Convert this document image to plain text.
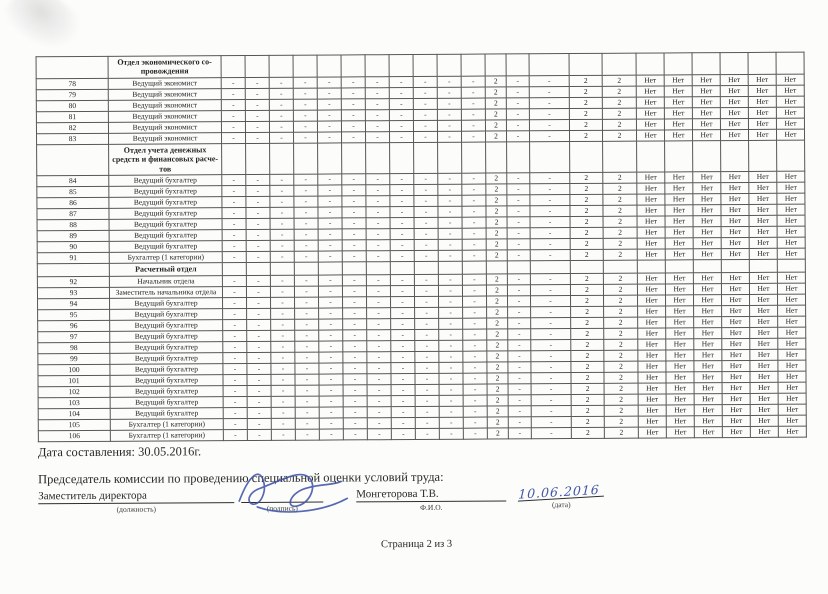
	Отдел экономического со-
провождения																						
78	Ведущий экономист	-	-	-	-	-	-	-	-	-	-	-	2	-	-	2	2	Нет	Нет	Нет	Нет	Нет	Нет
79	Ведущий экономист	-	-	-	-	-	-	-	-	-	-	-	2	-	-	2	2	Нет	Нет	Нет	Нет	Нет	Нет
80	Ведущий экономист	-	-	-	-	-	-	-	-	-	-	-	2	-	-	2	2	Нет	Нет	Нет	Нет	Нет	Нет
81	Ведущий экономист	-	-	-	-	-	-	-	-	-	-	-	2	-	-	2	2	Нет	Нет	Нет	Нет	Нет	Нет
82	Ведущий экономист	-	-	-	-	-	-	-	-	-	-	-	2	-	-	2	2	Нет	Нет	Нет	Нет	Нет	Нет
83	Ведущий экономист	-	-	-	-	-	-	-	-	-	-	-	2	-	-	2	2	Нет	Нет	Нет	Нет	Нет	Нет
	Отдел учета денежных
средств и финансовых расче-
тов																						
84	Ведущий бухгалтер	-	-	-	-	-	-	-	-	-	-	-	2	-	-	2	2	Нет	Нет	Нет	Нет	Нет	Нет
85	Ведущий бухгалтер	-	-	-	-	-	-	-	-	-	-	-	2	-	-	2	2	Нет	Нет	Нет	Нет	Нет	Нет
86	Ведущий бухгалтер	-	-	-	-	-	-	-	-	-	-	-	2	-	-	2	2	Нет	Нет	Нет	Нет	Нет	Нет
87	Ведущий бухгалтер	-	-	-	-	-	-	-	-	-	-	-	2	-	-	2	2	Нет	Нет	Нет	Нет	Нет	Нет
88	Ведущий бухгалтер	-	-	-	-	-	-	-	-	-	-	-	2	-	-	2	2	Нет	Нет	Нет	Нет	Нет	Нет
89	Ведущий бухгалтер	-	-	-	-	-	-	-	-	-	-	-	2	-	-	2	2	Нет	Нет	Нет	Нет	Нет	Нет
90	Ведущий бухгалтер	-	-	-	-	-	-	-	-	-	-	-	2	-	-	2	2	Нет	Нет	Нет	Нет	Нет	Нет
91	Бухгалтер (1 категории)	-	-	-	-	-	-	-	-	-	-	-	2	-	-	2	2	Нет	Нет	Нет	Нет	Нет	Нет
	Расчетный отдел																						
92	Начальник отдела	-	-	-	-	-	-	-	-	-	-	-	2	-	-	2	2	Нет	Нет	Нет	Нет	Нет	Нет
93	Заместитель начальника отдела	-	-	-	-	-	-	-	-	-	-	-	2	-	-	2	2	Нет	Нет	Нет	Нет	Нет	Нет
94	Ведущий бухгалтер	-	-	-	-	-	-	-	-	-	-	-	2	-	-	2	2	Нет	Нет	Нет	Нет	Нет	Нет
95	Ведущий бухгалтер	-	-	-	-	-	-	-	-	-	-	-	2	-	-	2	2	Нет	Нет	Нет	Нет	Нет	Нет
96	Ведущий бухгалтер	-	-	-	-	-	-	-	-	-	-	-	2	-	-	2	2	Нет	Нет	Нет	Нет	Нет	Нет
97	Ведущий бухгалтер	-	-	-	-	-	-	-	-	-	-	-	2	-	-	2	2	Нет	Нет	Нет	Нет	Нет	Нет
98	Ведущий бухгалтер	-	-	-	-	-	-	-	-	-	-	-	2	-	-	2	2	Нет	Нет	Нет	Нет	Нет	Нет
99	Ведущий бухгалтер	-	-	-	-	-	-	-	-	-	-	-	2	-	-	2	2	Нет	Нет	Нет	Нет	Нет	Нет
100	Ведущий бухгалтер	-	-	-	-	-	-	-	-	-	-	-	2	-	-	2	2	Нет	Нет	Нет	Нет	Нет	Нет
101	Ведущий бухгалтер	-	-	-	-	-	-	-	-	-	-	-	2	-	-	2	2	Нет	Нет	Нет	Нет	Нет	Нет
102	Ведущий бухгалтер	-	-	-	-	-	-	-	-	-	-	-	2	-	-	2	2	Нет	Нет	Нет	Нет	Нет	Нет
103	Ведущий бухгалтер	-	-	-	-	-	-	-	-	-	-	-	2	-	-	2	2	Нет	Нет	Нет	Нет	Нет	Нет
104	Ведущий бухгалтер	-	-	-	-	-	-	-	-	-	-	-	2	-	-	2	2	Нет	Нет	Нет	Нет	Нет	Нет
105	Бухгалтер (1 категории)	-	-	-	-	-	-	-	-	-	-	-	2	-	-	2	2	Нет	Нет	Нет	Нет	Нет	Нет
106	Бухгалтер (1 категории)	-	-	-	-	-	-	-	-	-	-	-	2	-	-	2	2	Нет	Нет	Нет	Нет	Нет	Нет
Дата составления: 30.05.2016г.
Председатель комиссии по проведению специальной оценки условий труда:
Заместитель директора
(должность)	(подпись)
Монгеторова Т.В.
Ф.И.О.
10.06.2016
(дата)
Страница 2 из 3
